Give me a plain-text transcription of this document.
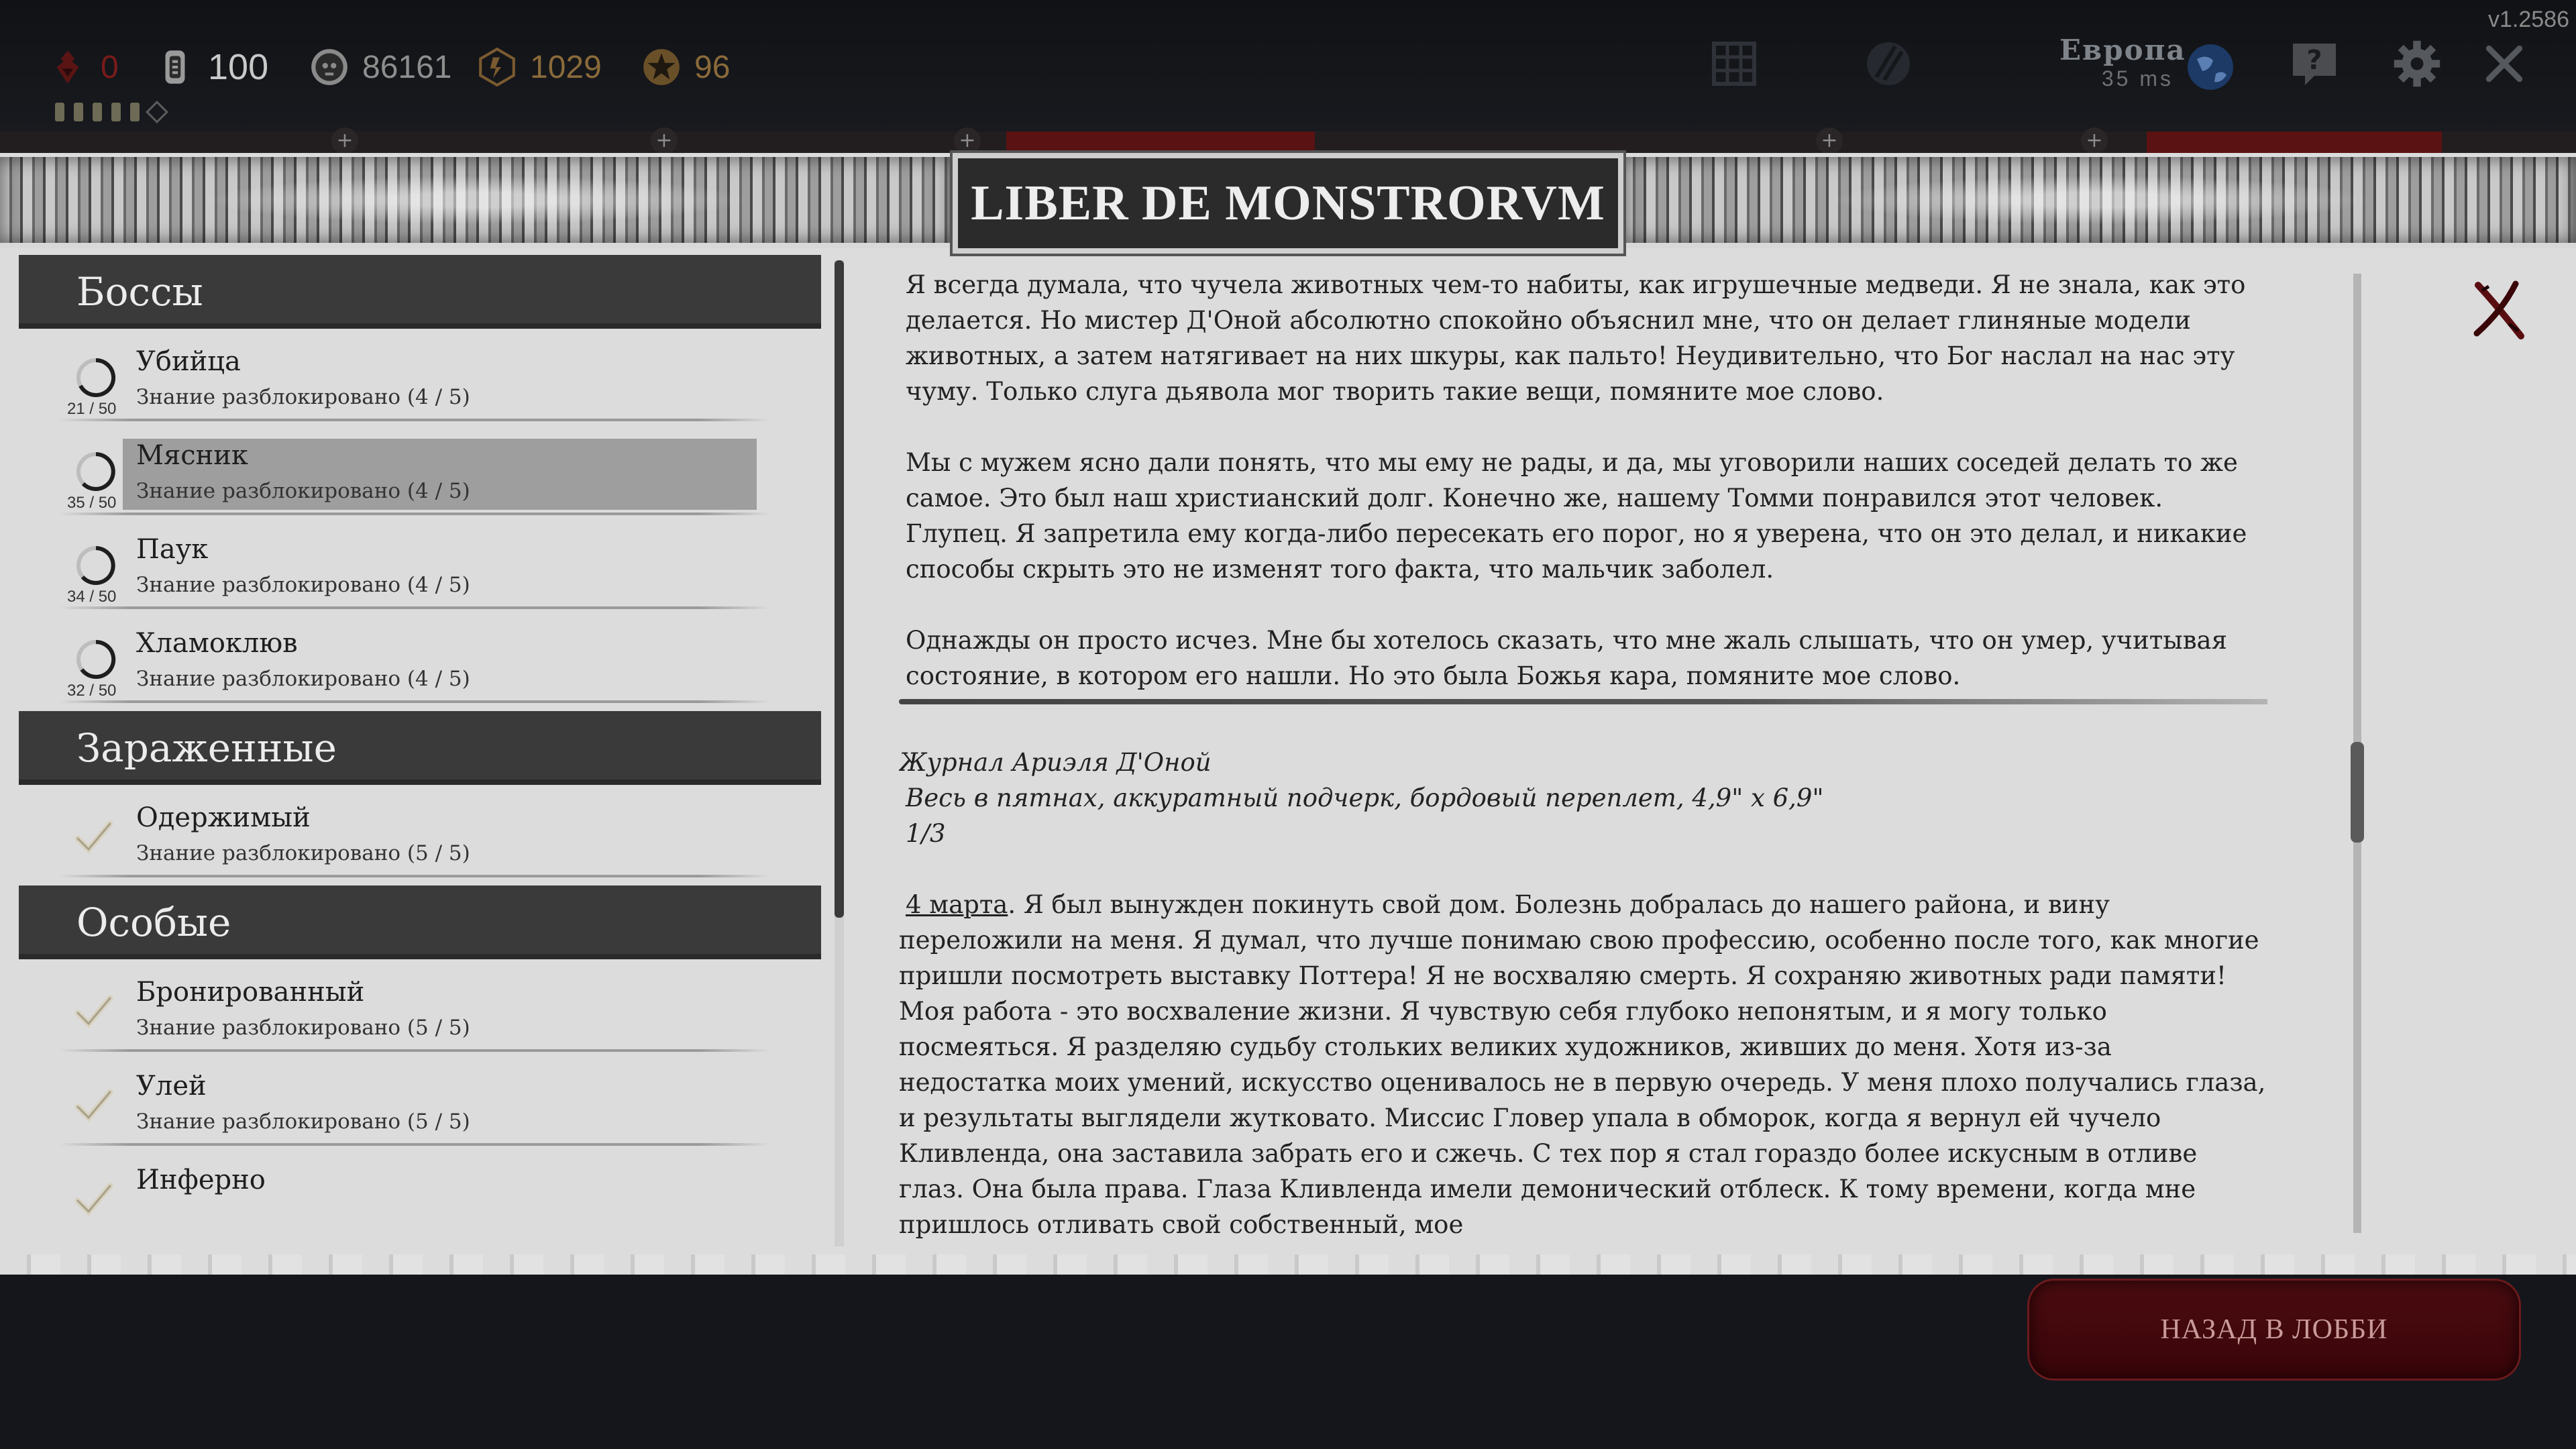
0 100	86161 1029	96	Европа
35 ms
?
v1.2586
+	+	+	+	+
Боссы
21 / 50
Убийца
Знание разблокировано (4 / 5)
35 / 50
Мясник
Знание разблокировано (4 / 5)
34 / 50
Паук
Знание разблокировано (4 / 5)
32 / 50
Хламоклюв
Знание разблокировано (4 / 5)
Зараженные
Одержимый
Знание разблокировано (5 / 5)
Особые
Бронированный
Знание разблокировано (5 / 5)
Улей
Знание разблокировано (5 / 5)
Инферно

Я всегда думала, что чучела животных чем-то набиты, как игрушечные медведи. Я не знала, как это делается. Но мистер Д'Оной абсолютно спокойно объяснил мне, что он делает глиняные модели животных, а затем натягивает на них шкуры, как пальто! Неудивительно, что Бог наслал на нас эту чуму. Только слуга дьявола мог творить такие вещи, помяните мое слово.

Мы с мужем ясно дали понять, что мы ему не рады, и да, мы уговорили наших соседей делать то же самое. Это был наш христианский долг. Конечно же, нашему Томми понравился этот человек. Глупец. Я запретила ему когда-либо пересекать его порог, но я уверена, что он это делал, и никакие способы скрыть это не изменят того факта, что мальчик заболел.

Однажды он просто исчез. Мне бы хотелось сказать, что мне жаль слышать, что он умер, учитывая состояние, в котором его нашли. Но это была Божья кара, помяните мое слово.

Журнал Ариэля Д'Оной

Весь в пятнах, аккуратный подчерк, бордовый переплет, 4,9" x 6,9"

1/3

4 марта. Я был вынужден покинуть свой дом. Болезнь добралась до нашего района, и вину переложили на меня. Я думал, что лучше понимаю свою профессию, особенно после того, как многие пришли посмотреть выставку Поттера! Я не восхваляю смерть. Я сохраняю животных ради памяти! Моя работа - это восхваление жизни. Я чувствую себя глубоко непонятым, и я могу только посмеяться. Я разделяю судьбу стольких великих художников, живших до меня. Хотя из-за недостатка моих умений, искусство оценивалось не в первую очередь. У меня плохо получались глаза, и результаты выглядели жутковато. Миссис Гловер упала в обморок, когда я вернул ей чучело Кливленда, она заставила забрать его и сжечь. С тех пор я стал гораздо более искусным в отливе глаз. Она была права. Глаза Кливленда имели демонический отблеск. К тому времени, когда мне пришлось отливать свой собственный, мое

LIBER DE MONSTRORVM
НАЗАД В ЛОББИ
